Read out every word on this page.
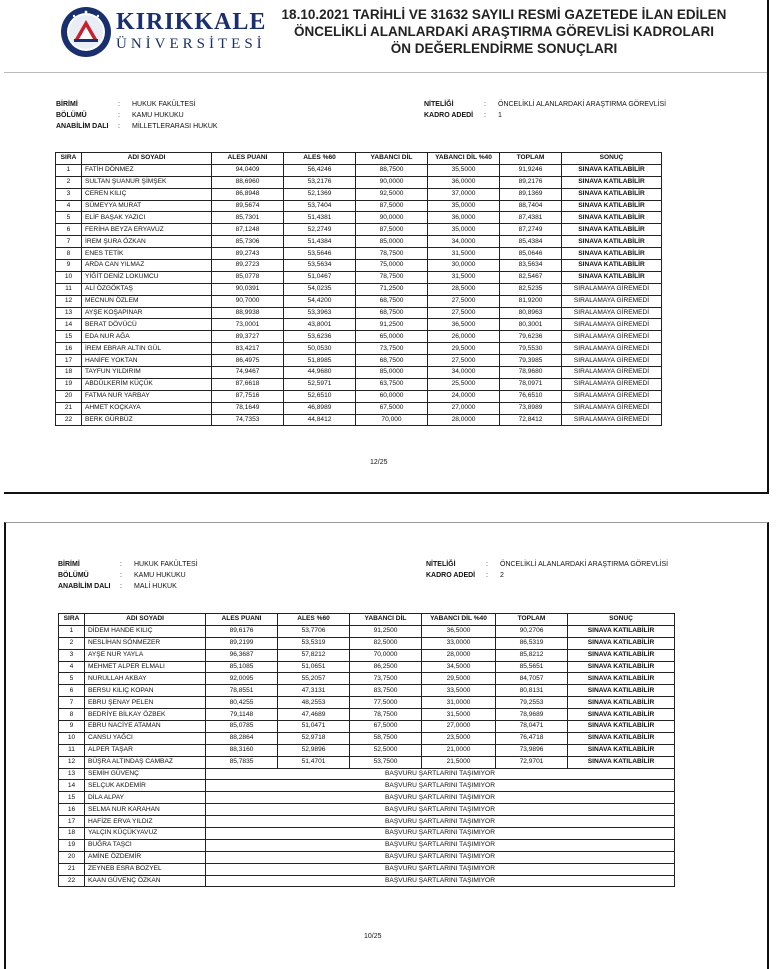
KIRIKKALE
ÜNİVERSİTESİ
18.10.2021 TARİHLİ VE 31632 SAYILI RESMİ GAZETEDE İLAN EDİLEN
ÖNCELİKLİ ALANLARDAKİ ARAŞTIRMA GÖREVLİSİ KADROLARI
ÖN DEĞERLENDİRME SONUÇLARI
BİRİMİ	:	HUKUK FAKÜLTESİ
BÖLÜMÜ	:	KAMU HUKUKU
ANABİLİM DALI	:	MİLLETLERARASI HUKUK
NİTELİĞİ	:	ÖNCELİKLİ ALANLARDAKİ ARAŞTIRMA GÖREVLİSİ
KADRO ADEDİ	:	1
SIRA	ADI SOYADI	ALES PUANI	ALES %60	YABANCI DİL	YABANCI DİL %40	TOPLAM	SONUÇ
1	FATİH DÖNMEZ	94,0409	56,4246	88,7500	35,5000	91,9246	SINAVA KATILABİLİR
2	SULTAN ŞUANUR ŞİMŞEK	88,6960	53,2176	90,0000	36,0000	89,2176	SINAVA KATILABİLİR
3	CEREN KILIÇ	86,8948	52,1369	92,5000	37,0000	89,1369	SINAVA KATILABİLİR
4	SÜMEYYA MURAT	89,5674	53,7404	87,5000	35,0000	88,7404	SINAVA KATILABİLİR
5	ELİF BAŞAK YAZICI	85,7301	51,4381	90,0000	36,0000	87,4381	SINAVA KATILABİLİR
6	FERİHA BEYZA ERYAVUZ	87,1248	52,2749	87,5000	35,0000	87,2749	SINAVA KATILABİLİR
7	İREM ŞURA ÖZKAN	85,7306	51,4384	85,0000	34,0000	85,4384	SINAVA KATILABİLİR
8	ENES TETİK	89,2743	53,5646	78,7500	31,5000	85,0646	SINAVA KATILABİLİR
9	ARDA CAN YILMAZ	89,2723	53,5634	75,0000	30,0000	83,5634	SINAVA KATILABİLİR
10	YİĞİT DENİZ LOKUMCU	85,0778	51,0467	78,7500	31,5000	82,5467	SINAVA KATILABİLİR
11	ALİ ÖZGÖKTAŞ	90,0391	54,0235	71,2500	28,5000	82,5235	SIRALAMAYA GİREMEDİ
12	MECNUN ÖZLEM	90,7000	54,4200	68,7500	27,5000	81,9200	SIRALAMAYA GİREMEDİ
13	AYŞE KOŞAPINAR	88,9938	53,3963	68,7500	27,5000	80,8963	SIRALAMAYA GİREMEDİ
14	BERAT DÖVÜCÜ	73,0001	43,8001	91,2500	36,5000	80,3001	SIRALAMAYA GİREMEDİ
15	EDA NUR AĞA	89,3727	53,6236	65,0000	26,0000	79,6236	SIRALAMAYA GİREMEDİ
16	İREM EBRAR ALTIN GÜL	83,4217	50,0530	73,7500	29,5000	79,5530	SIRALAMAYA GİREMEDİ
17	HANİFE YOKTAN	86,4975	51,8985	68,7500	27,5000	79,3985	SIRALAMAYA GİREMEDİ
18	TAYFUN YILDIRIM	74,9467	44,9680	85,0000	34,0000	78,9680	SIRALAMAYA GİREMEDİ
19	ABDÜLKERİM KÜÇÜK	87,6618	52,5971	63,7500	25,5000	78,0971	SIRALAMAYA GİREMEDİ
20	FATMA NUR YARBAY	87,7516	52,6510	60,0000	24,0000	76,6510	SIRALAMAYA GİREMEDİ
21	AHMET KOÇKAYA	78,1649	46,8989	67,5000	27,0000	73,8989	SIRALAMAYA GİREMEDİ
22	BERK GÜRBÜZ	74,7353	44,8412	70,000	28,0000	72,8412	SIRALAMAYA GİREMEDİ
12/25
BİRİMİ	:	HUKUK FAKÜLTESİ
BÖLÜMÜ	:	KAMU HUKUKU
ANABİLİM DALI	:	MALİ HUKUK
NİTELİĞİ	:	ÖNCELİKLİ ALANLARDAKİ ARAŞTIRMA GÖREVLİSİ
KADRO ADEDİ	:	2
SIRA	ADI SOYADI	ALES PUANI	ALES %60	YABANCI DİL	YABANCI DİL %40	TOPLAM	SONUÇ
1	DİDEM HANDE KILIÇ	89,6176	53,7706	91,2500	36,5000	90,2706	SINAVA KATILABİLİR
2	NESLİHAN SÖNMEZER	89,2199	53,5319	82,5000	33,0000	86,5319	SINAVA KATILABİLİR
3	AYŞE NUR YAYLA	96,3687	57,8212	70,0000	28,0000	85,8212	SINAVA KATILABİLİR
4	MEHMET ALPER ELMALI	85,1085	51,0651	86,2500	34,5000	85,5651	SINAVA KATILABİLİR
5	NURULLAH AKBAY	92,0095	55,2057	73,7500	29,5000	84,7057	SINAVA KATILABİLİR
6	BERSU KILIÇ KOPAN	78,8551	47,3131	83,7500	33,5000	80,8131	SINAVA KATILABİLİR
7	EBRU ŞENAY PELEN	80,4255	48,2553	77,5000	31,0000	79,2553	SINAVA KATILABİLİR
8	BEDRİYE BİLKAY ÖZBEK	79,1148	47,4689	78,7500	31,5000	78,9689	SINAVA KATILABİLİR
9	EBRU NACİYE ATAMAN	85,0785	51,0471	67,5000	27,0000	78,0471	SINAVA KATILABİLİR
10	CANSU YAĞCI	88,2864	52,9718	58,7500	23,5000	76,4718	SINAVA KATILABİLİR
11	ALPER TAŞAR	88,3160	52,9896	52,5000	21,0000	73,9896	SINAVA KATILABİLİR
12	BÜŞRA ALTINDAŞ CAMBAZ	85,7835	51,4701	53,7500	21,5000	72,9701	SINAVA KATILABİLİR
13	SEMİH GÜVENÇ	BAŞVURU ŞARTLARINI TAŞIMIYOR					
14	SELÇUK AKDEMİR	BAŞVURU ŞARTLARINI TAŞIMIYOR					
15	DİLA ALPAY	BAŞVURU ŞARTLARINI TAŞIMIYOR					
16	SELMA NUR KARAHAN	BAŞVURU ŞARTLARINI TAŞIMIYOR					
17	HAFİZE ERVA YILDIZ	BAŞVURU ŞARTLARINI TAŞIMIYOR					
18	YALÇIN KÜÇÜKYAVUZ	BAŞVURU ŞARTLARINI TAŞIMIYOR					
19	BUĞRA TAŞCI	BAŞVURU ŞARTLARINI TAŞIMIYOR					
20	AMİNE ÖZDEMİR	BAŞVURU ŞARTLARINI TAŞIMIYOR					
21	ZEYNEB ESRA BOZYEL	BAŞVURU ŞARTLARINI TAŞIMIYOR					
22	KAAN GÜVENÇ ÖZKAN	BAŞVURU ŞARTLARINI TAŞIMIYOR					
10/25
